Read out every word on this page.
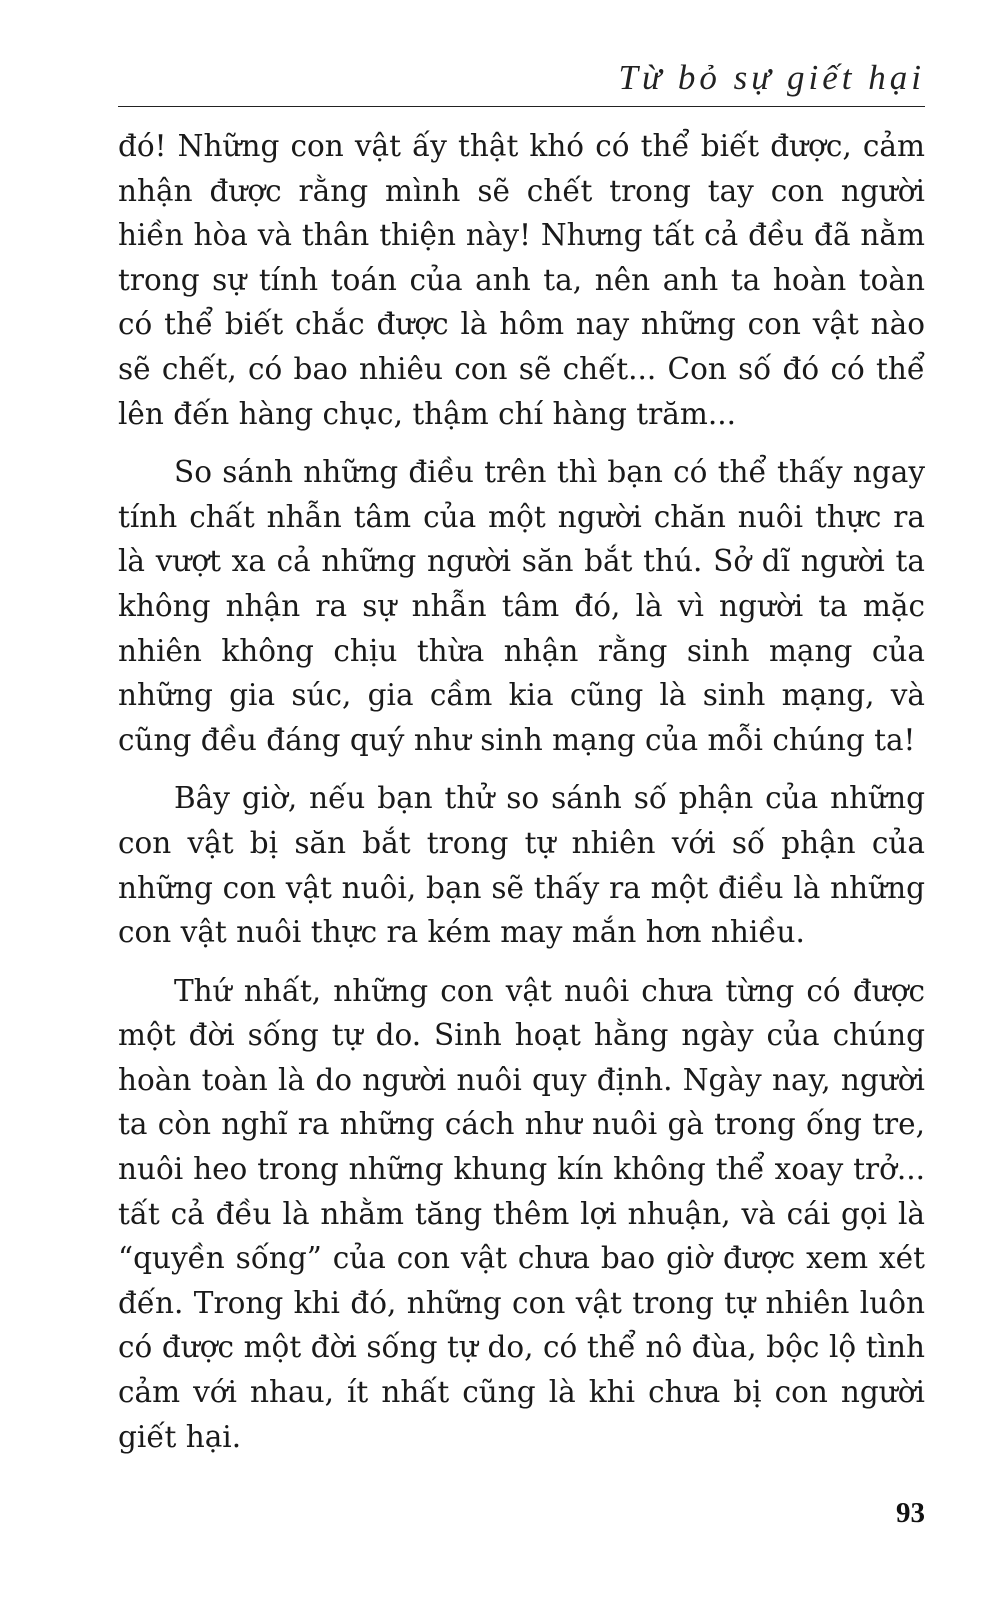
Từ bỏ sự giết hại

đó! Những con vật ấy thật khó có thể biết được, cảm nhận được rằng mình sẽ chết trong tay con người hiền hòa và thân thiện này! Nhưng tất cả đều đã nằm trong sự tính toán của anh ta, nên anh ta hoàn toàn có thể biết chắc được là hôm nay những con vật nào sẽ chết, có bao nhiêu con sẽ chết... Con số đó có thể lên đến hàng chục, thậm chí hàng trăm...

So sánh những điều trên thì bạn có thể thấy ngay tính chất nhẫn tâm của một người chăn nuôi thực ra là vượt xa cả những người săn bắt thú. Sở dĩ người ta không nhận ra sự nhẫn tâm đó, là vì người ta mặc nhiên không chịu thừa nhận rằng sinh mạng của những gia súc, gia cầm kia cũng là sinh mạng, và cũng đều đáng quý như sinh mạng của mỗi chúng ta!

Bây giờ, nếu bạn thử so sánh số phận của những con vật bị săn bắt trong tự nhiên với số phận của những con vật nuôi, bạn sẽ thấy ra một điều là những con vật nuôi thực ra kém may mắn hơn nhiều.

Thứ nhất, những con vật nuôi chưa từng có được một đời sống tự do. Sinh hoạt hằng ngày của chúng hoàn toàn là do người nuôi quy định. Ngày nay, người ta còn nghĩ ra những cách như nuôi gà trong ống tre, nuôi heo trong những khung kín không thể xoay trở... tất cả đều là nhằm tăng thêm lợi nhuận, và cái gọi là “quyền sống” của con vật chưa bao giờ được xem xét đến. Trong khi đó, những con vật trong tự nhiên luôn có được một đời sống tự do, có thể nô đùa, bộc lộ tình cảm với nhau, ít nhất cũng là khi chưa bị con người giết hại.

93
